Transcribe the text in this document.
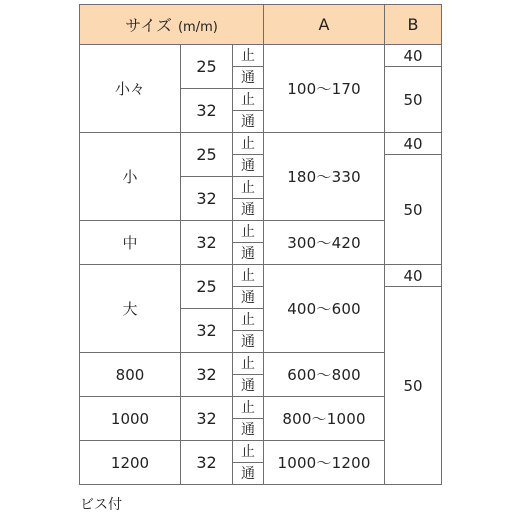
サイズ (m/m)			A	B
小々	25	止	100～170	40
		通		50
	32	止		
		通		
小	25	止	180～330	40
		通		50
	32	止		
		通		
中	32	止	300～420	
		通		
大	25	止	400～600	40
		通		50
	32	止		
		通		
800	32	止	600～800	
		通		
1000	32	止	800～1000	
		通		
1200	32	止	1000～1200	
		通		
ビス付
